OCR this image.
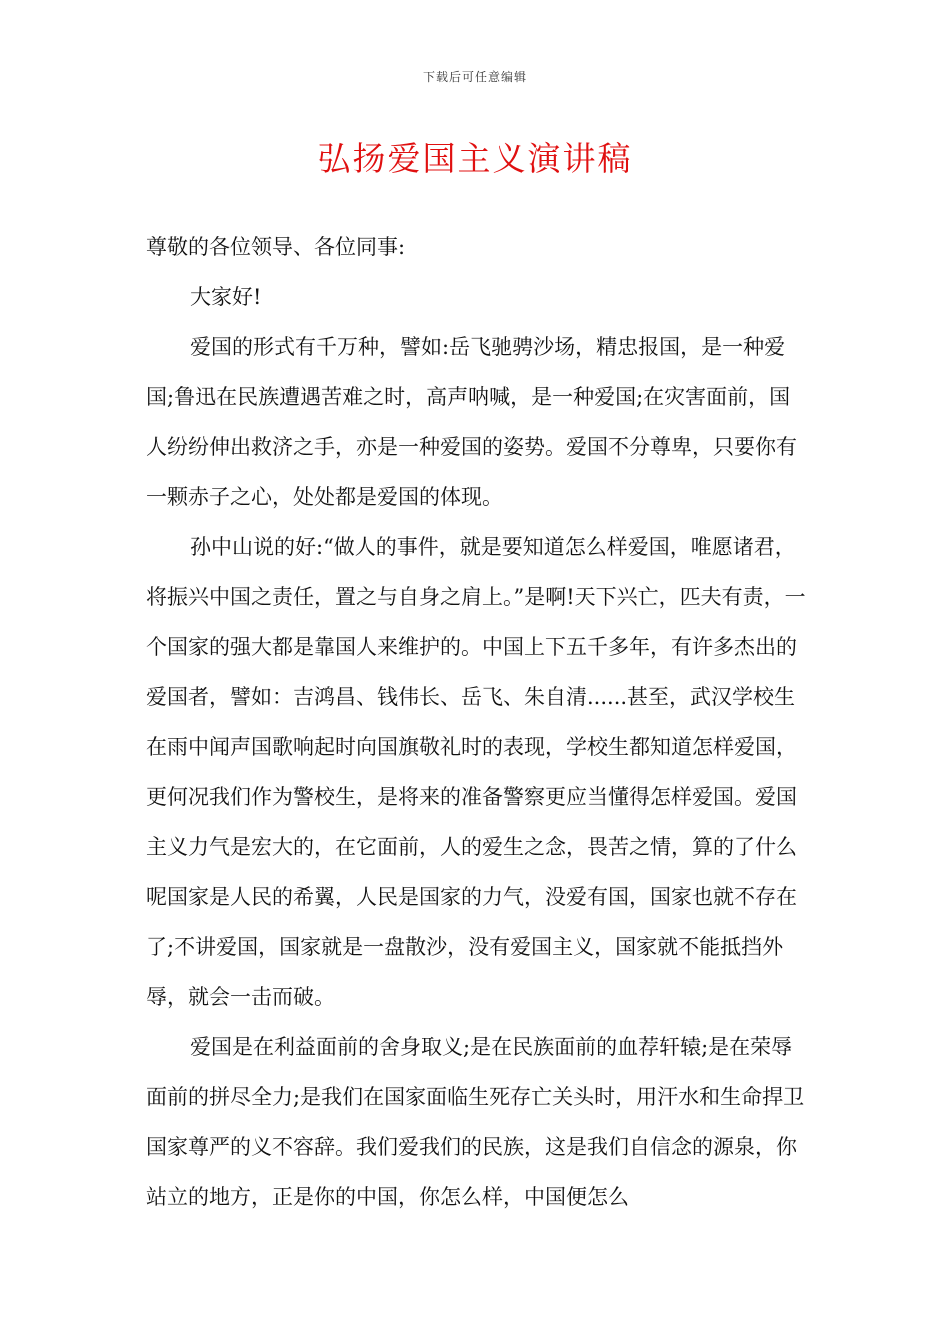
下载后可任意编辑
弘扬爱国主义演讲稿

尊敬的各位领导、各位同事:

大家好!

爱国的形式有千万种，譬如:岳飞驰骋沙场，精忠报国，是一种爱国;鲁迅在民族遭遇苦难之时，高声呐喊，是一种爱国;在灾害面前，国人纷纷伸出救济之手，亦是一种爱国的姿势。爱国不分尊卑，只要你有一颗赤子之心，处处都是爱国的体现。

孙中山说的好:“做人的事件，就是要知道怎么样爱国，唯愿诸君，将振兴中国之责任，置之与自身之肩上。”是啊!天下兴亡，匹夫有责，一个国家的强大都是靠国人来维护的。中国上下五千多年，有许多杰出的爱国者，譬如：吉鸿昌、钱伟长、岳飞、朱自清......甚至，武汉学校生在雨中闻声国歌响起时向国旗敬礼时的表现，学校生都知道怎样爱国，更何况我们作为警校生，是将来的准备警察更应当懂得怎样爱国。爱国主义力气是宏大的，在它面前，人的爱生之念，畏苦之情，算的了什么呢国家是人民的希翼，人民是国家的力气，没爱有国，国家也就不存在了;不讲爱国，国家就是一盘散沙，没有爱国主义，国家就不能抵挡外辱，就会一击而破。

爱国是在利益面前的舍身取义;是在民族面前的血荐轩辕;是在荣辱面前的拼尽全力;是我们在国家面临生死存亡关头时，用汗水和生命捍卫国家尊严的义不容辞。我们爱我们的民族，这是我们自信念的源泉，你站立的地方，正是你的中国，你怎么样，中国便怎么
